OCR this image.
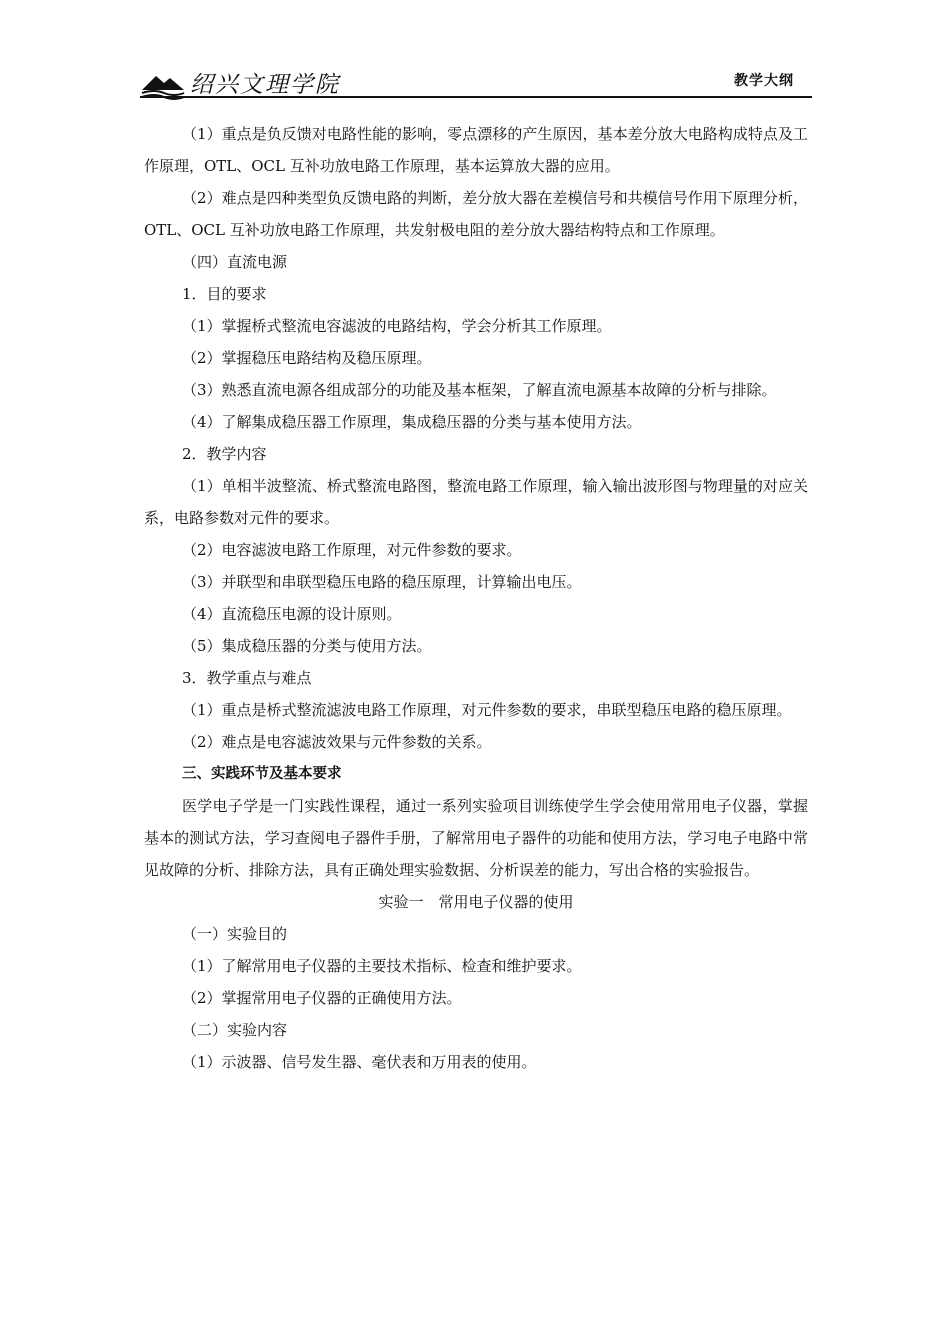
绍兴文理学院	教学大纲

（1）重点是负反馈对电路性能的影响，零点漂移的产生原因，基本差分放大电路构成特点及工作原理，OTL、OCL 互补功放电路工作原理，基本运算放大器的应用。

（2）难点是四种类型负反馈电路的判断，差分放大器在差模信号和共模信号作用下原理分析，OTL、OCL 互补功放电路工作原理，共发射极电阻的差分放大器结构特点和工作原理。

（四）直流电源

1．目的要求

（1）掌握桥式整流电容滤波的电路结构，学会分析其工作原理。

（2）掌握稳压电路结构及稳压原理。

（3）熟悉直流电源各组成部分的功能及基本框架，了解直流电源基本故障的分析与排除。

（4）了解集成稳压器工作原理，集成稳压器的分类与基本使用方法。

2．教学内容

（1）单相半波整流、桥式整流电路图，整流电路工作原理，输入输出波形图与物理量的对应关系，电路参数对元件的要求。

（2）电容滤波电路工作原理，对元件参数的要求。

（3）并联型和串联型稳压电路的稳压原理，计算输出电压。

（4）直流稳压电源的设计原则。

（5）集成稳压器的分类与使用方法。

3．教学重点与难点

（1）重点是桥式整流滤波电路工作原理，对元件参数的要求，串联型稳压电路的稳压原理。

（2）难点是电容滤波效果与元件参数的关系。

三、实践环节及基本要求

医学电子学是一门实践性课程，通过一系列实验项目训练使学生学会使用常用电子仪器，掌握基本的测试方法，学习查阅电子器件手册，了解常用电子器件的功能和使用方法，学习电子电路中常见故障的分析、排除方法，具有正确处理实验数据、分析误差的能力，写出合格的实验报告。

实验一　常用电子仪器的使用

（一）实验目的

（1）了解常用电子仪器的主要技术指标、检查和维护要求。

（2）掌握常用电子仪器的正确使用方法。

（二）实验内容

（1）示波器、信号发生器、毫伏表和万用表的使用。
